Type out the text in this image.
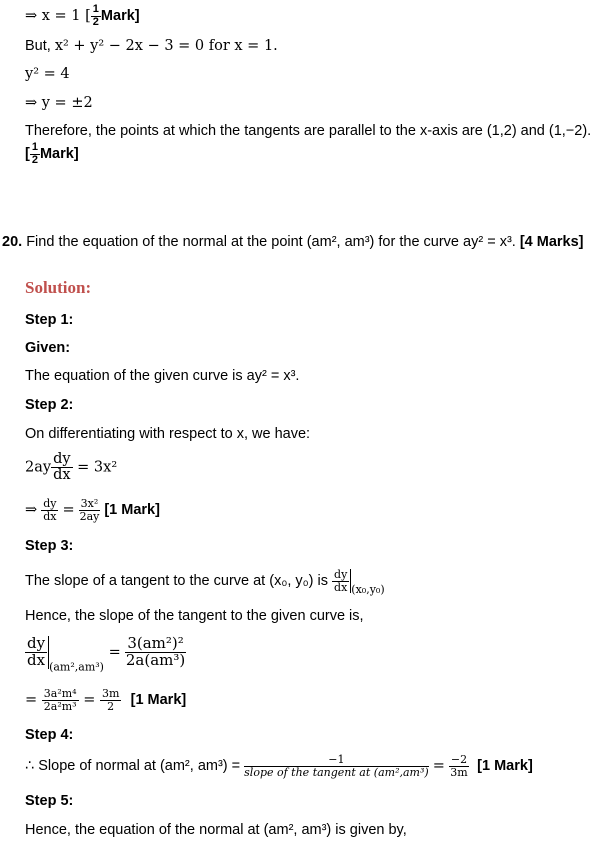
⇒ x = 1 [ $\frac{1}{2}$ Mark]
But, x² + y² − 2x − 3 = 0 for x = 1.
y² = 4
⇒ y = ±2
Therefore, the points at which the tangents are parallel to the x-axis are (1,2) and (1,−2).
[ $\frac{1}{2}$ Mark]
20. Find the equation of the normal at the point (am², am³) for the curve ay² = x³. [4 Marks]
Solution:
Step 1:
Given:
The equation of the given curve is ay² = x³.
Step 2:
On differentiating with respect to x, we have:
$2ay \frac{dy}{dx} = 3x^2$
⇒ $\frac{dy}{dx} = \frac{\text{3x²}}{2ay} [1$ Mark]
Step 3:
The slope of a tangent to the curve at (x₀, y₀) is $\frac{dy}{dx} _{(x_0,y_0)}$
Hence, the slope of the tangent to the given curve is,
$\frac{dy}{dx} _{(am^2,am^3)} = \frac{\text{3(am²)²}}{\text{2a(am³)}}$
= $\frac{\text{3a²m⁴}}{\text{2a²m³}} = \frac{3m}{2} [1$ Mark]
Step 4:
∴ Slope of normal at (am², $am^3) = \frac{-1}{\text{slope of the tangent at (am²,am³)}} = \frac{-2}{3m} [1$ Mark]
Step 5:
Hence, the equation of the normal at (am², am³) is given by,
